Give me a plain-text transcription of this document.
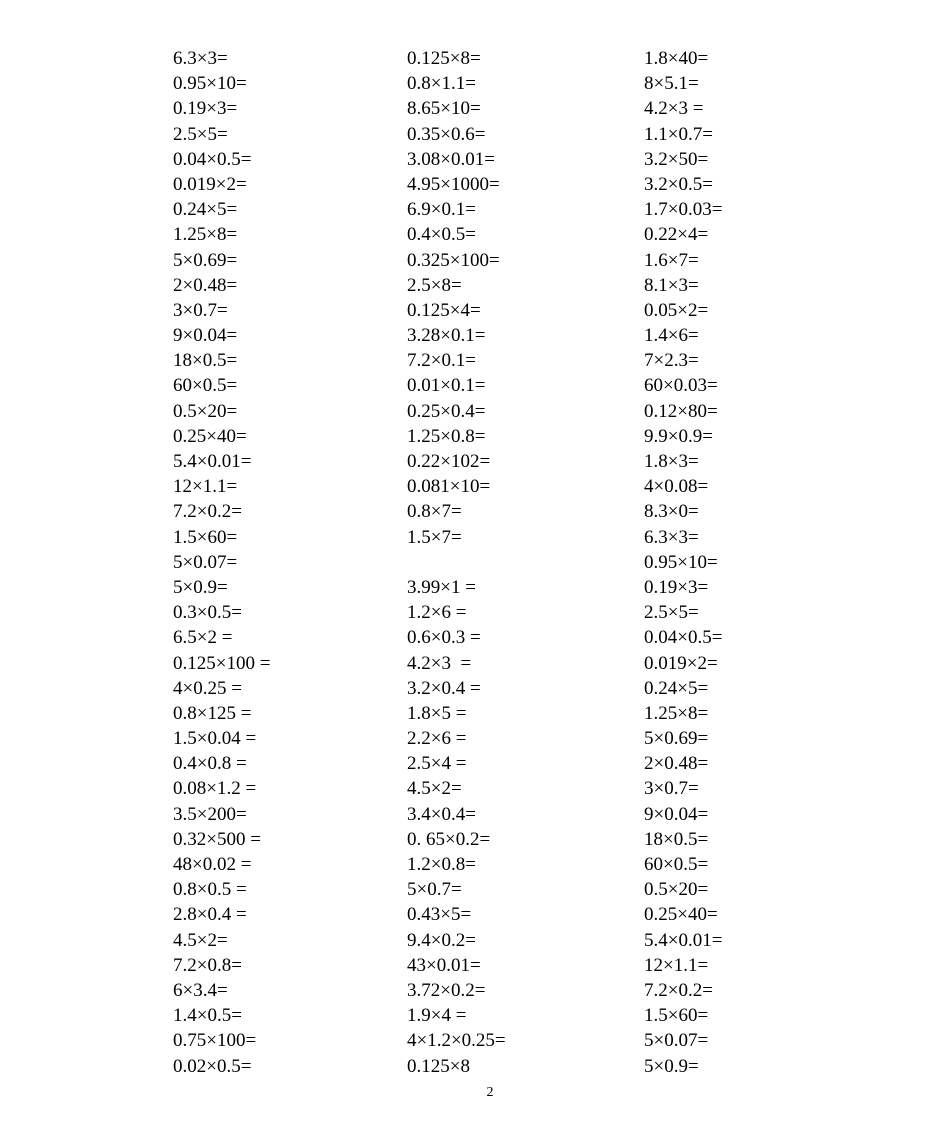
6.3×3=
0.95×10=
0.19×3=
2.5×5=
0.04×0.5=
0.019×2=
0.24×5=
1.25×8=
5×0.69=
2×0.48=
3×0.7=
9×0.04=
18×0.5=
60×0.5=
0.5×20=
0.25×40=
5.4×0.01=
12×1.1=
7.2×0.2=
1.5×60=
5×0.07=
5×0.9=
0.3×0.5=
6.5×2 =
0.125×100 =
4×0.25 =
0.8×125 =
1.5×0.04 =
0.4×0.8 =
0.08×1.2 =
3.5×200=
0.32×500 =
48×0.02 =
0.8×0.5 =
2.8×0.4 =
4.5×2=
7.2×0.8=
6×3.4=
1.4×0.5=
0.75×100=
0.02×0.5=
0.125×8=
0.8×1.1=
8.65×10=
0.35×0.6=
3.08×0.01=
4.95×1000=
6.9×0.1=
0.4×0.5=
0.325×100=
2.5×8=
0.125×4=
3.28×0.1=
7.2×0.1=
0.01×0.1=
0.25×0.4=
1.25×0.8=
0.22×102=
0.081×10=
0.8×7=
1.5×7=
3.99×1 =
1.2×6 =
0.6×0.3 =
4.2×3  =
3.2×0.4 =
1.8×5 =
2.2×6 =
2.5×4 =
4.5×2=
3.4×0.4=
0. 65×0.2=
1.2×0.8=
5×0.7=
0.43×5=
9.4×0.2=
43×0.01=
3.72×0.2=
1.9×4 =
4×1.2×0.25=
0.125×8
1.8×40=
8×5.1=
4.2×3 =
1.1×0.7=
3.2×50=
3.2×0.5=
1.7×0.03=
0.22×4=
1.6×7=
8.1×3=
0.05×2=
1.4×6=
7×2.3=
60×0.03=
0.12×80=
9.9×0.9=
1.8×3=
4×0.08=
8.3×0=
6.3×3=
0.95×10=
0.19×3=
2.5×5=
0.04×0.5=
0.019×2=
0.24×5=
1.25×8=
5×0.69=
2×0.48=
3×0.7=
9×0.04=
18×0.5=
60×0.5=
0.5×20=
0.25×40=
5.4×0.01=
12×1.1=
7.2×0.2=
1.5×60=
5×0.07=
5×0.9=
2
